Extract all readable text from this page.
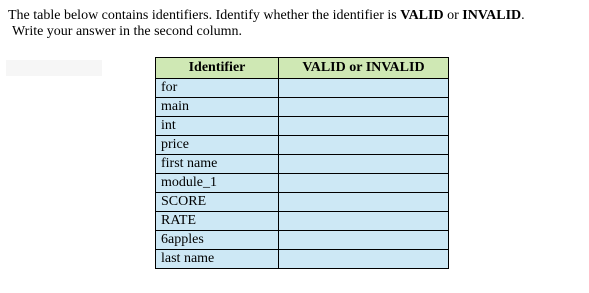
The table below contains identifiers. Identify whether the identifier is VALID or INVALID.
Write your answer in the second column.
Identifier	VALID or INVALID
for	
main	
int	
price	
first name	
module_1	
SCORE	
RATE	
6apples	
last name	
